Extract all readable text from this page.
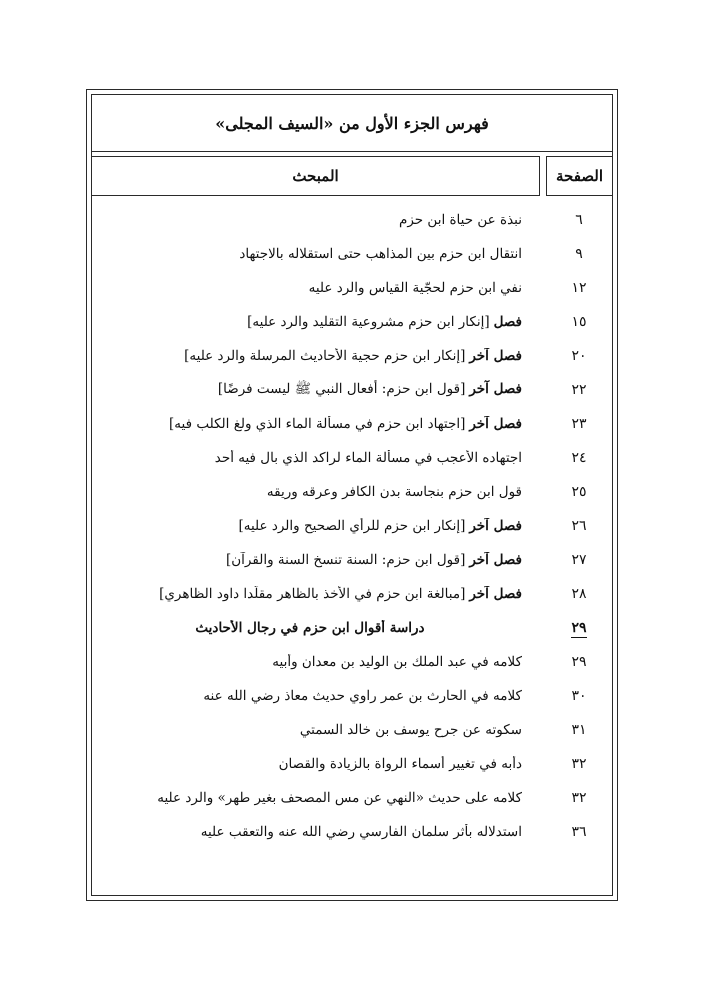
فهرس الجزء الأول من «السيف المجلى»
الصفحة
المبحث
نبذة عن حياة ابن حزم	٦
انتقال ابن حزم بين المذاهب حتى استقلاله بالاجتهاد	٩
نفي ابن حزم لحجّية القياس والرد عليه	١٢
فصل[إنكار ابن حزم مشروعية التقليد والرد عليه]	١٥
فصل آخر[إنكار ابن حزم حجية الأحاديث المرسلة والرد عليه]	٢٠
فصل آخر[قول ابن حزم: أفعال النبي ﷺ ليست فرضًا]	٢٢
فصل آخر[اجتهاد ابن حزم في مسألة الماء الذي ولغ الكلب فيه]	٢٣
اجتهاده الأعجب في مسألة الماء لراكد الذي بال فيه أحد	٢٤
قول ابن حزم بنجاسة بدن الكافر وعرقه وريقه	٢٥
فصل آخر[إنكار ابن حزم للرأي الصحيح والرد عليه]	٢٦
فصل آخر[قول ابن حزم: السنة تنسخ السنة والقرآن]	٢٧
فصل آخر[مبالغة ابن حزم في الأخذ بالظاهر مقلّدا داود الظاهري]	٢٨
دراسة أقوال ابن حزم في رجال الأحاديث	٢٩
كلامه في عبد الملك بن الوليد بن معدان وأبيه	٢٩
كلامه في الحارث بن عمر راوي حديث معاذ رضي الله عنه	٣٠
سكوته عن جرح يوسف بن خالد السمتي	٣١
دأبه في تغيير أسماء الرواة بالزيادة والقصان	٣٢
كلامه على حديث «النهي عن مس المصحف بغير طهر» والرد عليه	٣٢
استدلاله بأثر سلمان الفارسي رضي الله عنه والتعقب عليه	٣٦
